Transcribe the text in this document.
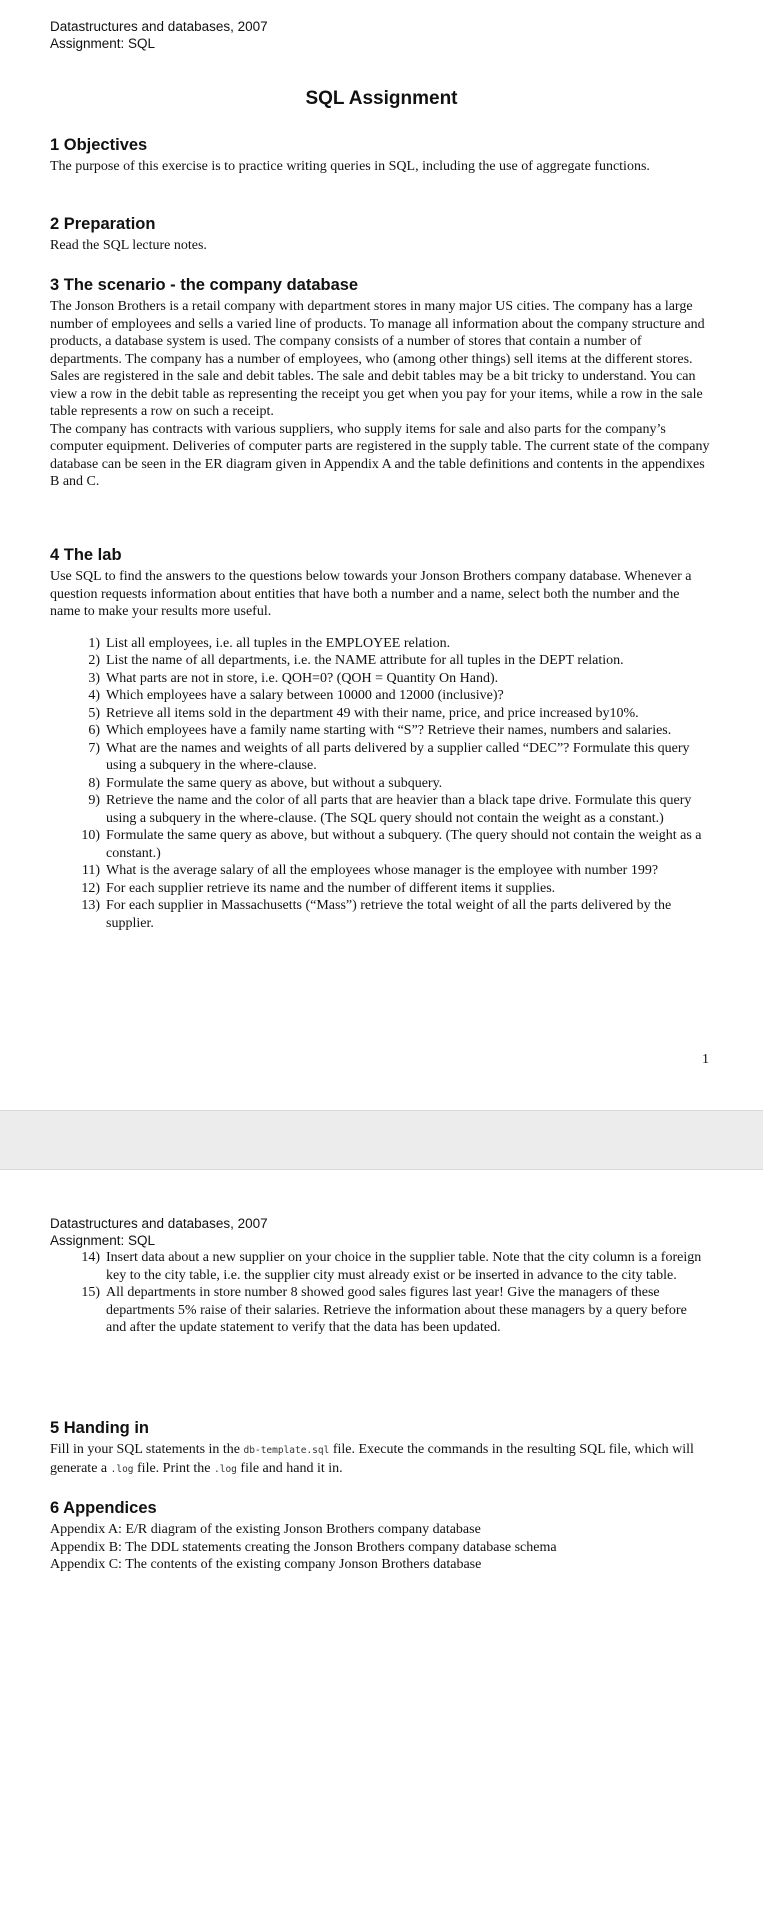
Datastructures and databases, 2007

Assignment: SQL

SQL Assignment

1 Objectives

The purpose of this exercise is to practice writing queries in SQL, including the use of aggregate functions.

2 Preparation

Read the SQL lecture notes.

3 The scenario - the company database

The Jonson Brothers is a retail company with department stores in many major US cities. The company has a large number of employees and sells a varied line of products. To manage all information about the company structure and products, a database system is used. The company consists of a number of stores that contain a number of departments. The company has a number of employees, who (among other things) sell items at the different stores. Sales are registered in the sale and debit tables. The sale and debit tables may be a bit tricky to understand. You can view a row in the debit table as representing the receipt you get when you pay for your items, while a row in the sale table represents a row on such a receipt.

The company has contracts with various suppliers, who supply items for sale and also parts for the company’s computer equipment. Deliveries of computer parts are registered in the supply table. The current state of the company database can be seen in the ER diagram given in Appendix A and the table definitions and contents in the appendixes B and C.

4 The lab

Use SQL to find the answers to the questions below towards your Jonson Brothers company database. Whenever a question requests information about entities that have both a number and a name, select both the number and the name to make your results more useful.

1) List all employees, i.e. all tuples in the EMPLOYEE relation.
2) List the name of all departments, i.e. the NAME attribute for all tuples in the DEPT relation.
3) What parts are not in store, i.e. QOH=0? (QOH = Quantity On Hand).
4) Which employees have a salary between 10000 and 12000 (inclusive)?
5) Retrieve all items sold in the department 49 with their name, price, and price increased by10%.
6) Which employees have a family name starting with “S”? Retrieve their names, numbers and salaries.
7) What are the names and weights of all parts delivered by a supplier called “DEC”? Formulate this query using a subquery in the where-clause.
8) Formulate the same query as above, but without a subquery.
9) Retrieve the name and the color of all parts that are heavier than a black tape drive. Formulate this query using a subquery in the where-clause. (The SQL query should not contain the weight as a constant.)
10) Formulate the same query as above, but without a subquery. (The query should not contain the weight as a constant.)
11) What is the average salary of all the employees whose manager is the employee with number 199?
12) For each supplier retrieve its name and the number of different items it supplies.
13) For each supplier in Massachusetts (“Mass”) retrieve the total weight of all the parts delivered by the supplier.
1

Datastructures and databases, 2007

Assignment: SQL

14) Insert data about a new supplier on your choice in the supplier table. Note that the city column is a foreign key to the city table, i.e. the supplier city must already exist or be inserted in advance to the city table.
15) All departments in store number 8 showed good sales figures last year! Give the managers of these departments 5% raise of their salaries. Retrieve the information about these managers by a query before and after the update statement to verify that the data has been updated.
5 Handing in

Fill in your SQL statements in the db-template.sql file. Execute the commands in the resulting SQL file, which will generate a .log file. Print the .log file and hand it in.

6 Appendices

Appendix A: E/R diagram of the existing Jonson Brothers company database

Appendix B: The DDL statements creating the Jonson Brothers company database schema

Appendix C: The contents of the existing company Jonson Brothers database
